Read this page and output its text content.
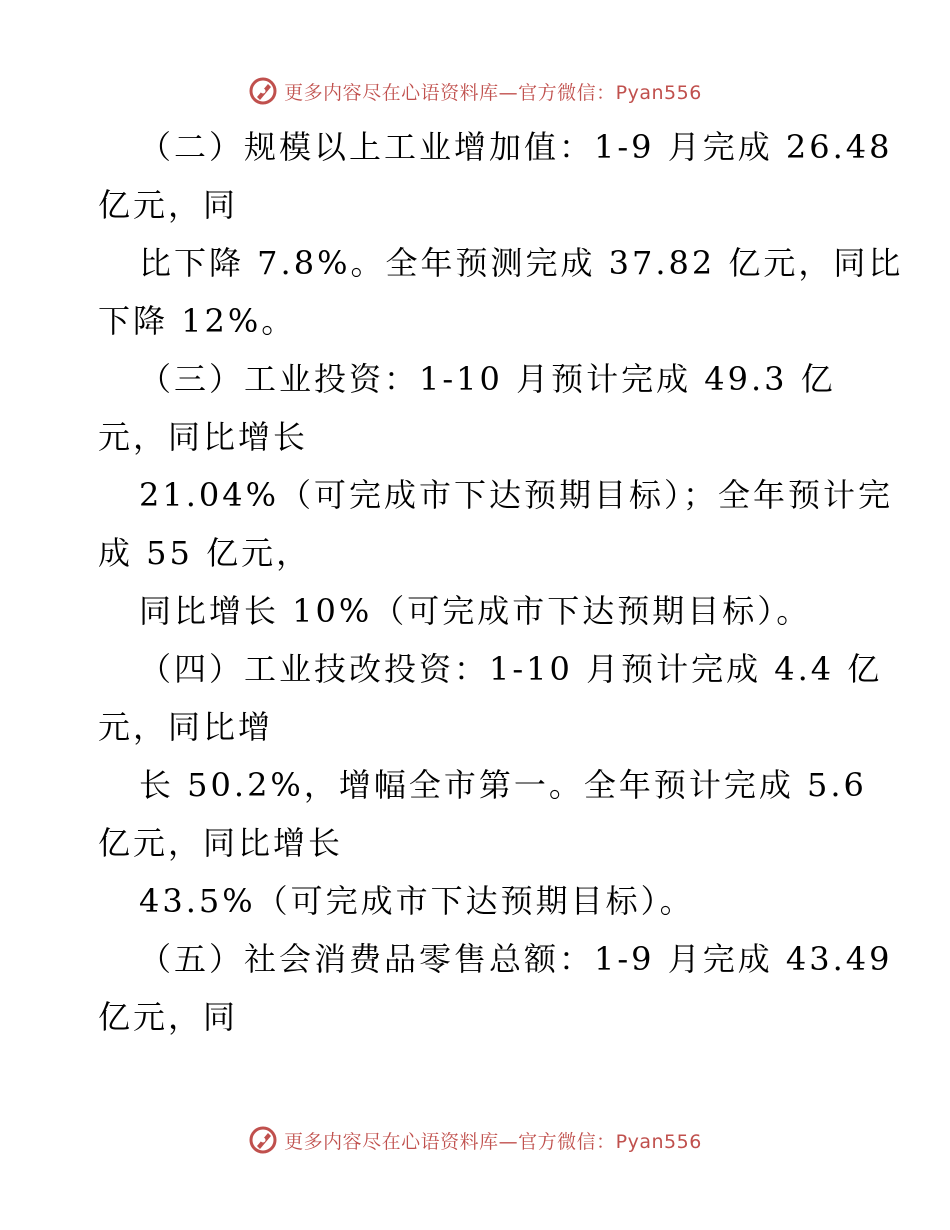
更多内容尽在心语资料库—官方微信：Pyan556
（二）规模以上工业增加值：1-9 月完成 26.48
亿元，同
比下降 7.8%。全年预测完成 37.82 亿元，同比
下降 12%。
（三）工业投资：1-10 月预计完成 49.3 亿
元，同比增长
21.04%（可完成市下达预期目标）；全年预计完
成 55 亿元，
同比增长 10%（可完成市下达预期目标）。
（四）工业技改投资：1-10 月预计完成 4.4 亿
元，同比增
长 50.2%，增幅全市第一。全年预计完成 5.6
亿元，同比增长
43.5%（可完成市下达预期目标）。
（五）社会消费品零售总额：1-9 月完成 43.49
亿元，同
更多内容尽在心语资料库—官方微信：Pyan556
